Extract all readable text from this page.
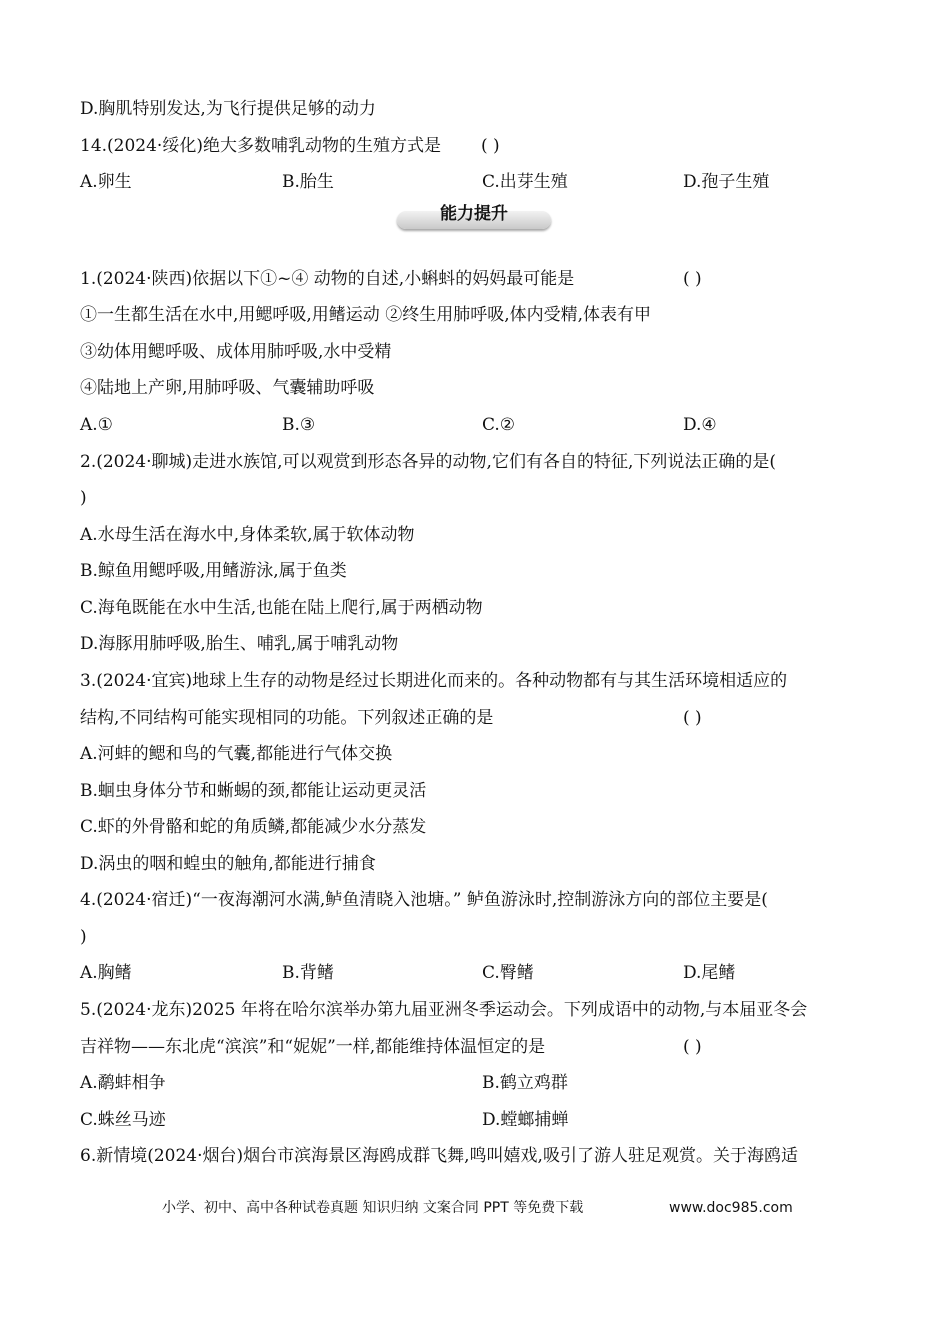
D.胸肌特别发达,为飞行提供足够的动力
14.(2024·绥化)绝大多数哺乳动物的生殖方式是 ( )
A.卵生	B.胎生	C.出芽生殖	D.孢子生殖
能力提升
1.(2024·陕西)依据以下①~④ 动物的自述,小蝌蚪的妈妈最可能是	( )
①一生都生活在水中,用鳃呼吸,用鳍运动 ②终生用肺呼吸,体内受精,体表有甲
③幼体用鳃呼吸、成体用肺呼吸,水中受精
④陆地上产卵,用肺呼吸、气囊辅助呼吸
A.①	B.③	C.②	D.④
2.(2024·聊城)走进水族馆,可以观赏到形态各异的动物,它们有各自的特征,下列说法正确的是(
)
A.水母生活在海水中,身体柔软,属于软体动物
B.鲸鱼用鳃呼吸,用鳍游泳,属于鱼类
C.海龟既能在水中生活,也能在陆上爬行,属于两栖动物
D.海豚用肺呼吸,胎生、哺乳,属于哺乳动物
3.(2024·宜宾)地球上生存的动物是经过长期进化而来的。各种动物都有与其生活环境相适应的
结构,不同结构可能实现相同的功能。下列叙述正确的是	( )
A.河蚌的鳃和鸟的气囊,都能进行气体交换
B.蛔虫身体分节和蜥蜴的颈,都能让运动更灵活
C.虾的外骨骼和蛇的角质鳞,都能减少水分蒸发
D.涡虫的咽和蝗虫的触角,都能进行捕食
4.(2024·宿迁)“一夜海潮河水满,鲈鱼清晓入池塘。” 鲈鱼游泳时,控制游泳方向的部位主要是(
)
A.胸鳍	B.背鳍	C.臀鳍	D.尾鳍
5.(2024·龙东)2025 年将在哈尔滨举办第九届亚洲冬季运动会。下列成语中的动物,与本届亚冬会
吉祥物——东北虎“滨滨”和“妮妮”一样,都能维持体温恒定的是	( )
A.鹬蚌相争	B.鹤立鸡群
C.蛛丝马迹	D.螳螂捕蝉
6.新情境(2024·烟台)烟台市滨海景区海鸥成群飞舞,鸣叫嬉戏,吸引了游人驻足观赏。关于海鸥适
小学、初中、高中各种试卷真题 知识归纳 文案合同 PPT 等免费下载	www.doc985.com
